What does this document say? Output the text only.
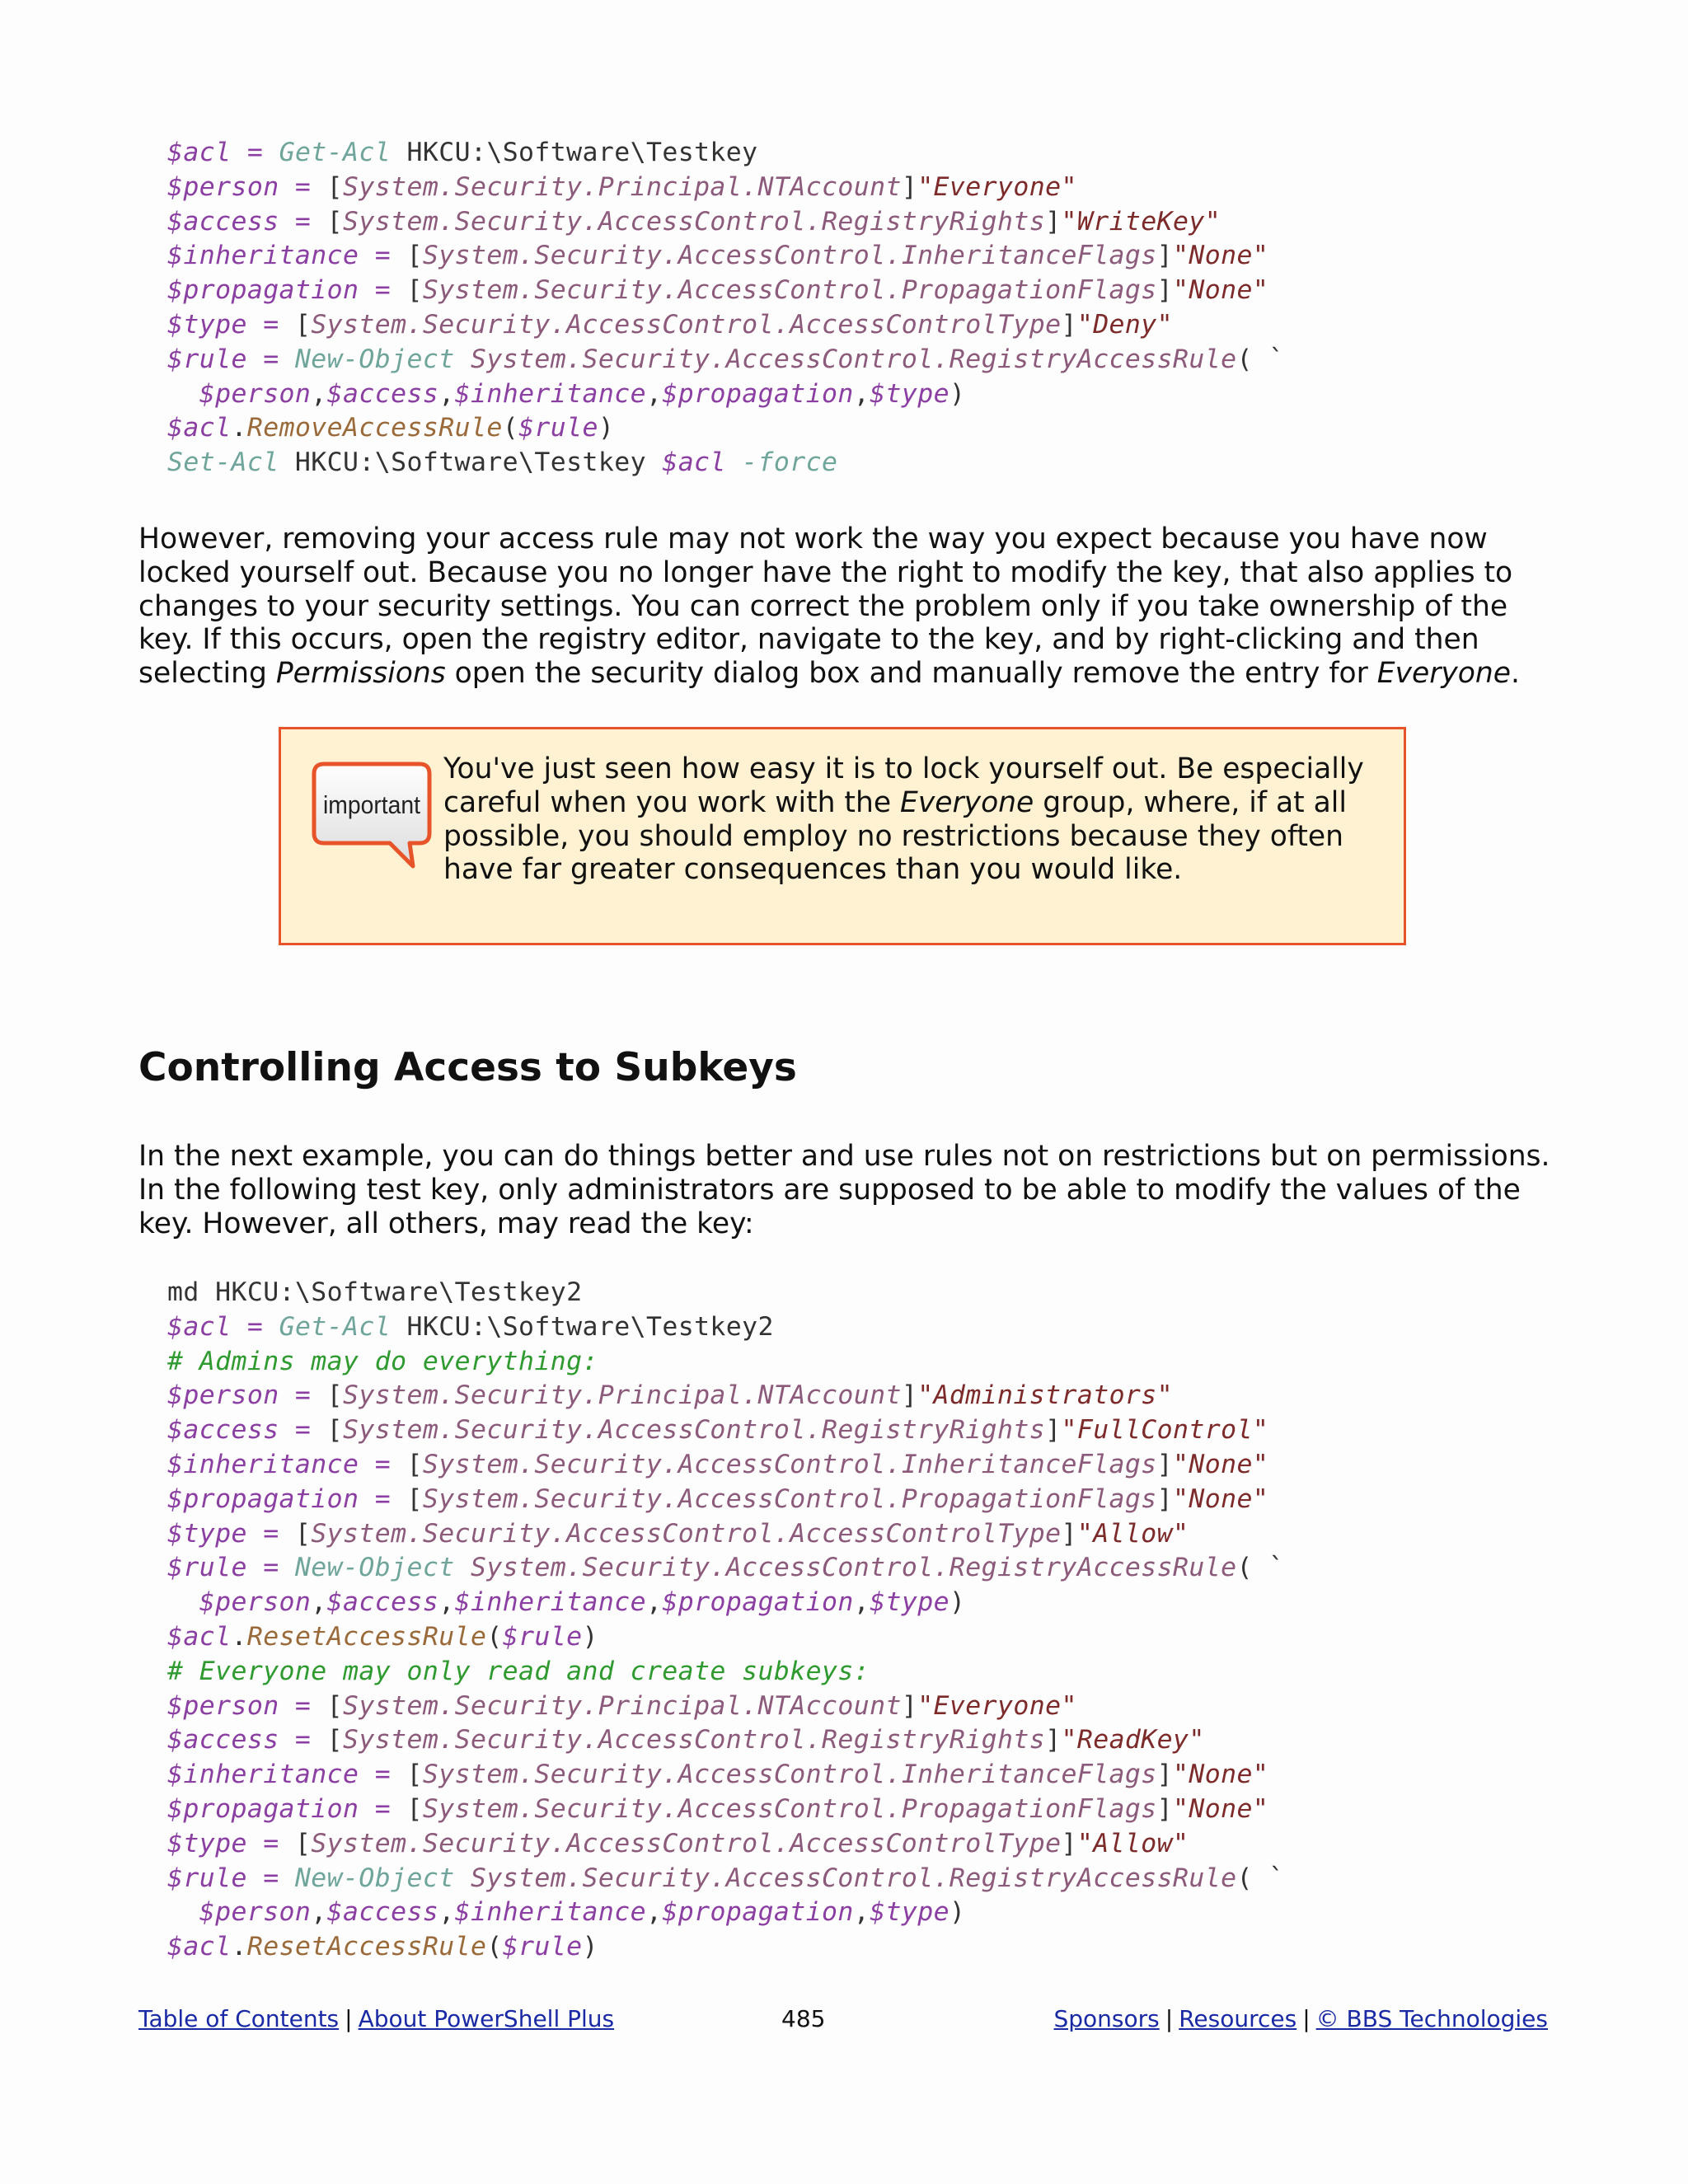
$acl = Get-Acl HKCU:\Software\Testkey
$person = [System.Security.Principal.NTAccount]"Everyone"
$access = [System.Security.AccessControl.RegistryRights]"WriteKey"
$inheritance = [System.Security.AccessControl.InheritanceFlags]"None"
$propagation = [System.Security.AccessControl.PropagationFlags]"None"
$type = [System.Security.AccessControl.AccessControlType]"Deny"
$rule = New-Object System.Security.AccessControl.RegistryAccessRule( `
$person,$access,$inheritance,$propagation,$type)
$acl.RemoveAccessRule($rule)
Set-Acl HKCU:\Software\Testkey $acl -force
However, removing your access rule may not work the way you expect because you have now locked yourself out. Because you no longer have the right to modify the key, that also applies to changes to your security settings. You can correct the problem only if you take ownership of the key. If this occurs, open the registry editor, navigate to the key, and by right-clicking and then selecting Permissions open the security dialog box and manually remove the entry for Everyone.
important
You've just seen how easy it is to lock yourself out. Be especially careful when you work with the Everyone group, where, if at all possible, you should employ no restrictions because they often have far greater consequences than you would like.
Controlling Access to Subkeys
In the next example, you can do things better and use rules not on restrictions but on permissions. In the following test key, only administrators are supposed to be able to modify the values of the key. However, all others, may read the key:
md HKCU:\Software\Testkey2
$acl = Get-Acl HKCU:\Software\Testkey2
# Admins may do everything:
$person = [System.Security.Principal.NTAccount]"Administrators"
$access = [System.Security.AccessControl.RegistryRights]"FullControl"
$inheritance = [System.Security.AccessControl.InheritanceFlags]"None"
$propagation = [System.Security.AccessControl.PropagationFlags]"None"
$type = [System.Security.AccessControl.AccessControlType]"Allow"
$rule = New-Object System.Security.AccessControl.RegistryAccessRule( `
$person,$access,$inheritance,$propagation,$type)
$acl.ResetAccessRule($rule)
# Everyone may only read and create subkeys:
$person = [System.Security.Principal.NTAccount]"Everyone"
$access = [System.Security.AccessControl.RegistryRights]"ReadKey"
$inheritance = [System.Security.AccessControl.InheritanceFlags]"None"
$propagation = [System.Security.AccessControl.PropagationFlags]"None"
$type = [System.Security.AccessControl.AccessControlType]"Allow"
$rule = New-Object System.Security.AccessControl.RegistryAccessRule( `
$person,$access,$inheritance,$propagation,$type)
$acl.ResetAccessRule($rule)
Table of Contents | About PowerShell Plus	485	Sponsors | Resources | © BBS Technologies
